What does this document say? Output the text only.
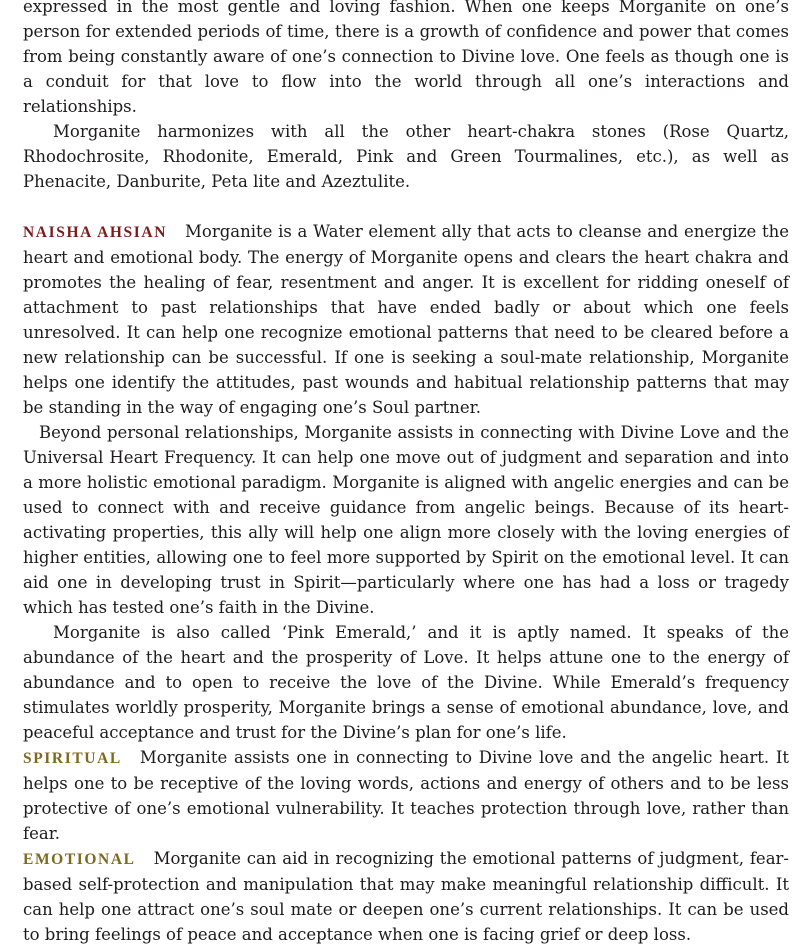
expressed in the most gentle and loving fashion. When one keeps Morganite on one’s person for extended periods of time, there is a growth of confidence and power that comes from being constantly aware of one’s connection to Divine love. One feels as though one is a conduit for that love to flow into the world through all one’s interactions and relationships.

Morganite harmonizes with all the other heart-chakra stones (Rose Quartz, Rhodochrosite, Rhodonite, Emerald, Pink and Green Tourmalines, etc.), as well as Phenacite, Danburite, Peta lite and Azeztulite.

NAISHA AHSIAN Morganite is a Water element ally that acts to cleanse and energize the heart and emotional body. The energy of Morganite opens and clears the heart chakra and promotes the healing of fear, resentment and anger. It is excellent for ridding oneself of attachment to past relationships that have ended badly or about which one feels unresolved. It can help one recognize emotional patterns that need to be cleared before a new relationship can be successful. If one is seeking a soul-mate relationship, Morganite helps one identify the attitudes, past wounds and habitual relationship patterns that may be standing in the way of engaging one’s Soul partner.

Beyond personal relationships, Morganite assists in connecting with Divine Love and the Universal Heart Frequency. It can help one move out of judgment and separation and into a more holistic emotional paradigm. Morganite is aligned with angelic energies and can be used to connect with and receive guidance from angelic beings. Because of its heart-activating properties, this ally will help one align more closely with the loving energies of higher entities, allowing one to feel more supported by Spirit on the emotional level. It can aid one in developing trust in Spirit—particularly where one has had a loss or tragedy which has tested one’s faith in the Divine.

Morganite is also called ‘Pink Emerald,’ and it is aptly named. It speaks of the abundance of the heart and the prosperity of Love. It helps attune one to the energy of abundance and to open to receive the love of the Divine. While Emerald’s frequency stimulates worldly prosperity, Morganite brings a sense of emotional abundance, love, and peaceful acceptance and trust for the Divine’s plan for one’s life.

SPIRITUAL Morganite assists one in connecting to Divine love and the angelic heart. It helps one to be receptive of the loving words, actions and energy of others and to be less protective of one’s emotional vulnerability. It teaches protection through love, rather than fear.

EMOTIONAL Morganite can aid in recognizing the emotional patterns of judgment, fear-based self-protection and manipulation that may make meaningful relationship difficult. It can help one attract one’s soul mate or deepen one’s current relationships. It can be used to bring feelings of peace and acceptance when one is facing grief or deep loss.
